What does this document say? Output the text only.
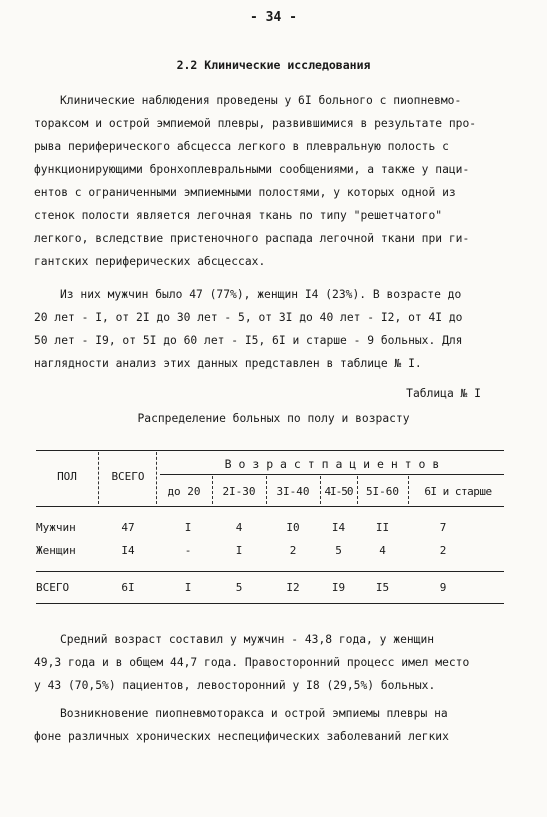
- 34 -
2.2 Клинические исследования
Клинические наблюдения проведены у 6I больного с пиопневмо-
тораксом и острой эмпиемой плевры, развившимися в результате про-
рыва периферического абсцесса легкого в плевральную полость с
функционирующими бронхоплевральными сообщениями, а также у паци-
ентов с ограниченными эмпиемными полостями, у которых одной из
стенок полости является легочная ткань по типу "решетчатого"
легкого, вследствие пристеночного распада легочной ткани при ги-
гантских периферических абсцессах.
Из них мужчин было 47 (77%), женщин I4 (23%). В возрасте до
20 лет - I, от 2I до 30 лет - 5, от 3I до 40 лет - I2, от 4I до
50 лет - I9, от 5I до 60 лет - I5, 6I и старше - 9 больных. Для
наглядности анализ этих данных представлен в таблице № I.
Таблица № I
Распределение больных по полу и возрасту
ПОЛ	ВСЕГО
В о з р а с т п а ц и е н т о в
до 20	2I-30	3I-40	4I-50	5I-60	6I и старше
Мужчин	47	I	4	I0	I4	II	7
Женщин	I4	-	I	2	5	4	2
ВСЕГО	6I	I	5	I2	I9	I5	9
Средний возраст составил у мужчин - 43,8 года, у женщин
49,3 года и в общем 44,7 года. Правосторонний процесс имел место
у 43 (70,5%) пациентов, левосторонний у I8 (29,5%) больных.
Возникновение пиопневмоторакса и острой эмпиемы плевры на
фоне различных хронических неспецифических заболеваний легких
